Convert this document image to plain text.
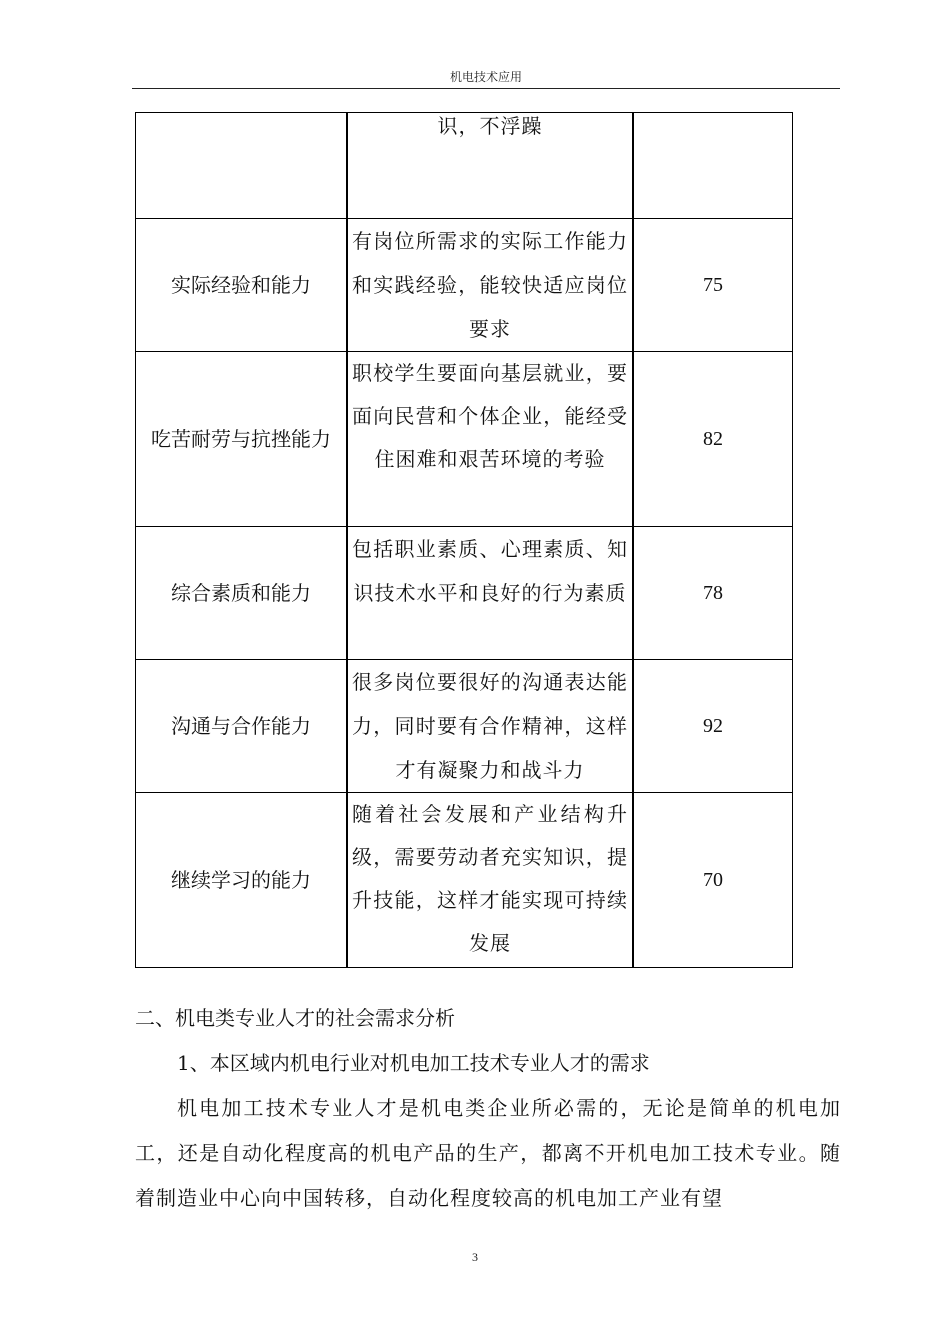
机电技术应用
	识，不浮躁	
实际经验和能力	有岗位所需求的实际工作能力和实践经验，能较快适应岗位要求	75
吃苦耐劳与抗挫能力	职校学生要面向基层就业，要面向民营和个体企业，能经受住困难和艰苦环境的考验	82
综合素质和能力	包括职业素质、心理素质、知识技术水平和良好的行为素质	78
沟通与合作能力	很多岗位要很好的沟通表达能力，同时要有合作精神，这样才有凝聚力和战斗力	92
继续学习的能力	随着社会发展和产业结构升级，需要劳动者充实知识，提升技能，这样才能实现可持续发展	70

二、机电类专业人才的社会需求分析

1、本区域内机电行业对机电加工技术专业人才的需求

机电加工技术专业人才是机电类企业所必需的，无论是简单的机电加工，还是自动化程度高的机电产品的生产，都离不开机电加工技术专业。随着制造业中心向中国转移，自动化程度较高的机电加工产业有望

3
